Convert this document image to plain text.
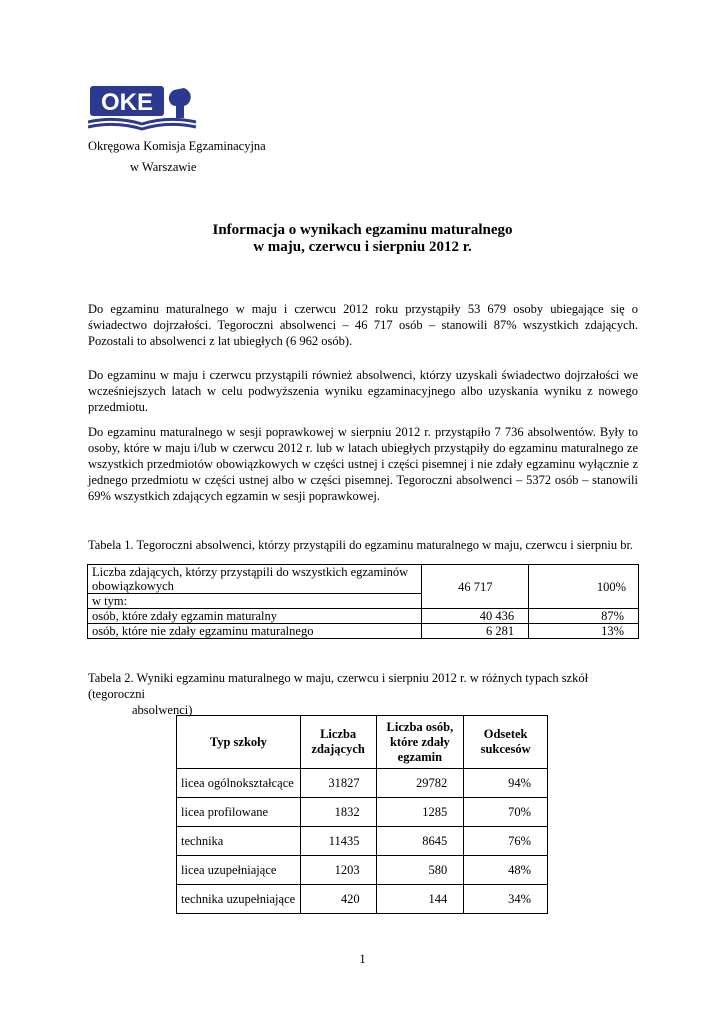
OKE
Okręgowa Komisja Egzaminacyjna
w Warszawie
Informacja o wynikach egzaminu maturalnego
w maju, czerwcu i sierpniu 2012 r.
Do egzaminu maturalnego w maju i czerwcu 2012 roku przystąpiły 53 679 osoby ubiegające się o świadectwo dojrzałości. Tegoroczni absolwenci – 46 717 osób – stanowili 87% wszystkich zdających. Pozostali to absolwenci z lat ubiegłych (6 962 osób).
Do egzaminu w maju i czerwcu przystąpili również absolwenci, którzy uzyskali świadectwo dojrzałości we wcześniejszych latach w celu podwyższenia wyniku egzaminacyjnego albo uzyskania wyniku z nowego przedmiotu.
Do egzaminu maturalnego w sesji poprawkowej w sierpniu 2012 r. przystąpiło 7 736 absolwentów. Były to osoby, które w maju i/lub w czerwcu 2012 r. lub w latach ubiegłych przystąpiły do egzaminu maturalnego ze wszystkich przedmiotów obowiązkowych w części ustnej i części pisemnej i nie zdały egzaminu wyłącznie z jednego przedmiotu w części ustnej albo w części pisemnej. Tegoroczni absolwenci – 5372 osób – stanowili 69% wszystkich zdających egzamin w sesji poprawkowej.
Tabela 1. Tegoroczni absolwenci, którzy przystąpili do egzaminu maturalnego w maju, czerwcu i sierpniu br.
Liczba zdających, którzy przystąpili do wszystkich egzaminów obowiązkowych	46 717	100%
w tym:		
osób, które zdały egzamin maturalny	40 436	87%
osób, które nie zdały egzaminu maturalnego	6 281	13%
Tabela 2. Wyniki egzaminu maturalnego w maju, czerwcu i sierpniu 2012 r. w różnych typach szkół (tegoroczni
absolwenci)
Typ szkoły	Liczba zdających	Liczba osób, które zdały egzamin	Odsetek sukcesów
licea ogólnokształcące	31827	29782	94%
licea profilowane	1832	1285	70%
technika	11435	8645	76%
licea uzupełniające	1203	580	48%
technika uzupełniające	420	144	34%
1
